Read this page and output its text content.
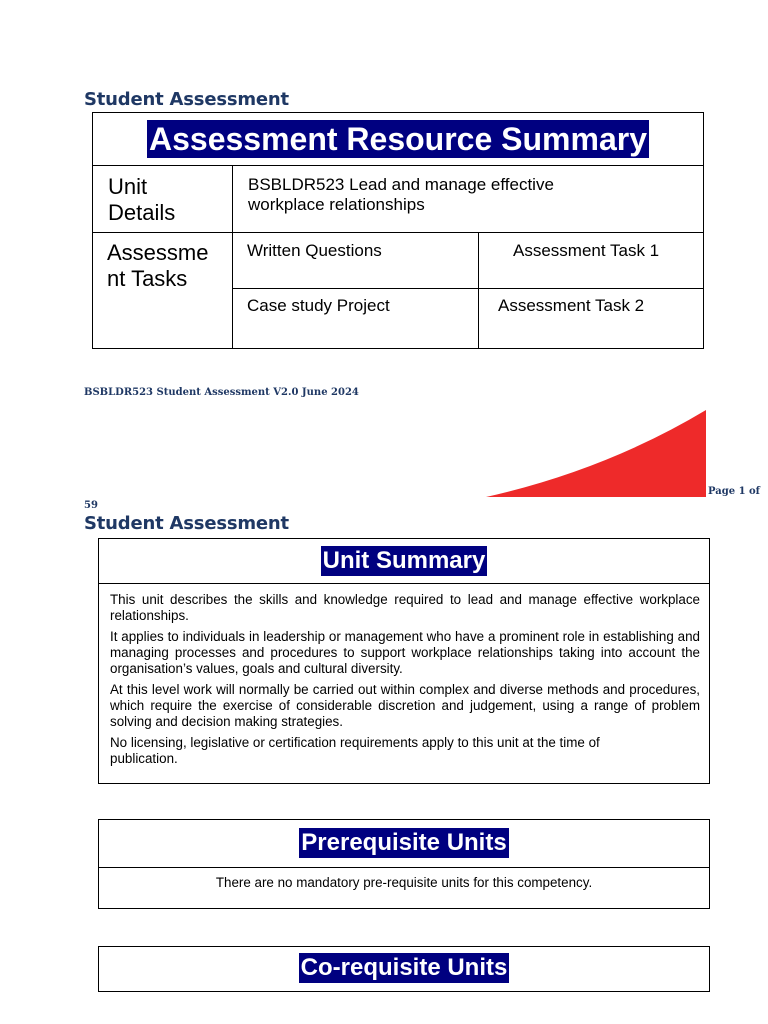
Student Assessment
Assessment Resource Summary
Unit
Details
BSBLDR523 Lead and manage effective
workplace relationships
Assessme
nt Tasks
Written Questions	Assessment Task 1
Case study Project	Assessment Task 2
BSBLDR523 Student Assessment V2.0 June 2024
Page 1 of
59
Student Assessment
Unit Summary

This unit describes the skills and knowledge required to lead and manage effective workplace relationships.

It applies to individuals in leadership or management who have a prominent role in establishing and managing processes and procedures to support workplace relationships taking into account the organisation’s values, goals and cultural diversity.

At this level work will normally be carried out within complex and diverse methods and procedures, which require the exercise of considerable discretion and judgement, using a range of problem solving and decision making strategies.

No licensing, legislative or certification requirements apply to this unit at the time of publication.

Prerequisite Units
There are no mandatory pre-requisite units for this competency.
Co-requisite Units
